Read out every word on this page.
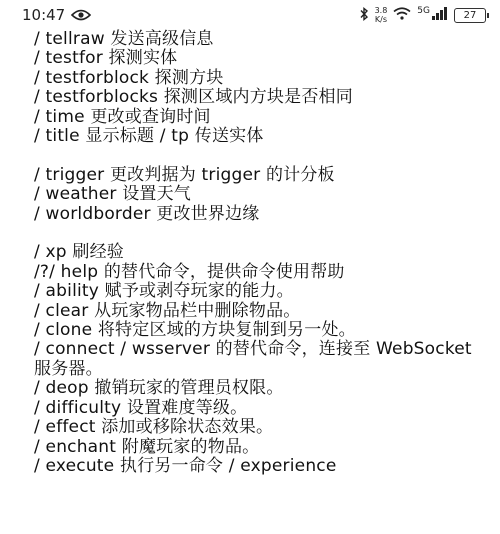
10:47	3.8
K/s
5G	27
/ tellraw 发送高级信息
/ testfor 探测实体
/ testforblock 探测方块
/ testforblocks 探测区域内方块是否相同
/ time 更改或查询时间
/ title 显示标题 / tp 传送实体
/ trigger 更改判据为 trigger 的计分板
/ weather 设置天气
/ worldborder 更改世界边缘
/ xp 刷经验
/?/ help 的替代命令，提供命令使用帮助
/ ability 赋予或剥夺玩家的能力。
/ clear 从玩家物品栏中删除物品。
/ clone 将特定区域的方块复制到另一处。
/ connect / wsserver 的替代命令，连接至 WebSocket
服务器。
/ deop 撤销玩家的管理员权限。
/ difficulty 设置难度等级。
/ effect 添加或移除状态效果。
/ enchant 附魔玩家的物品。
/ execute 执行另一命令 / experience
